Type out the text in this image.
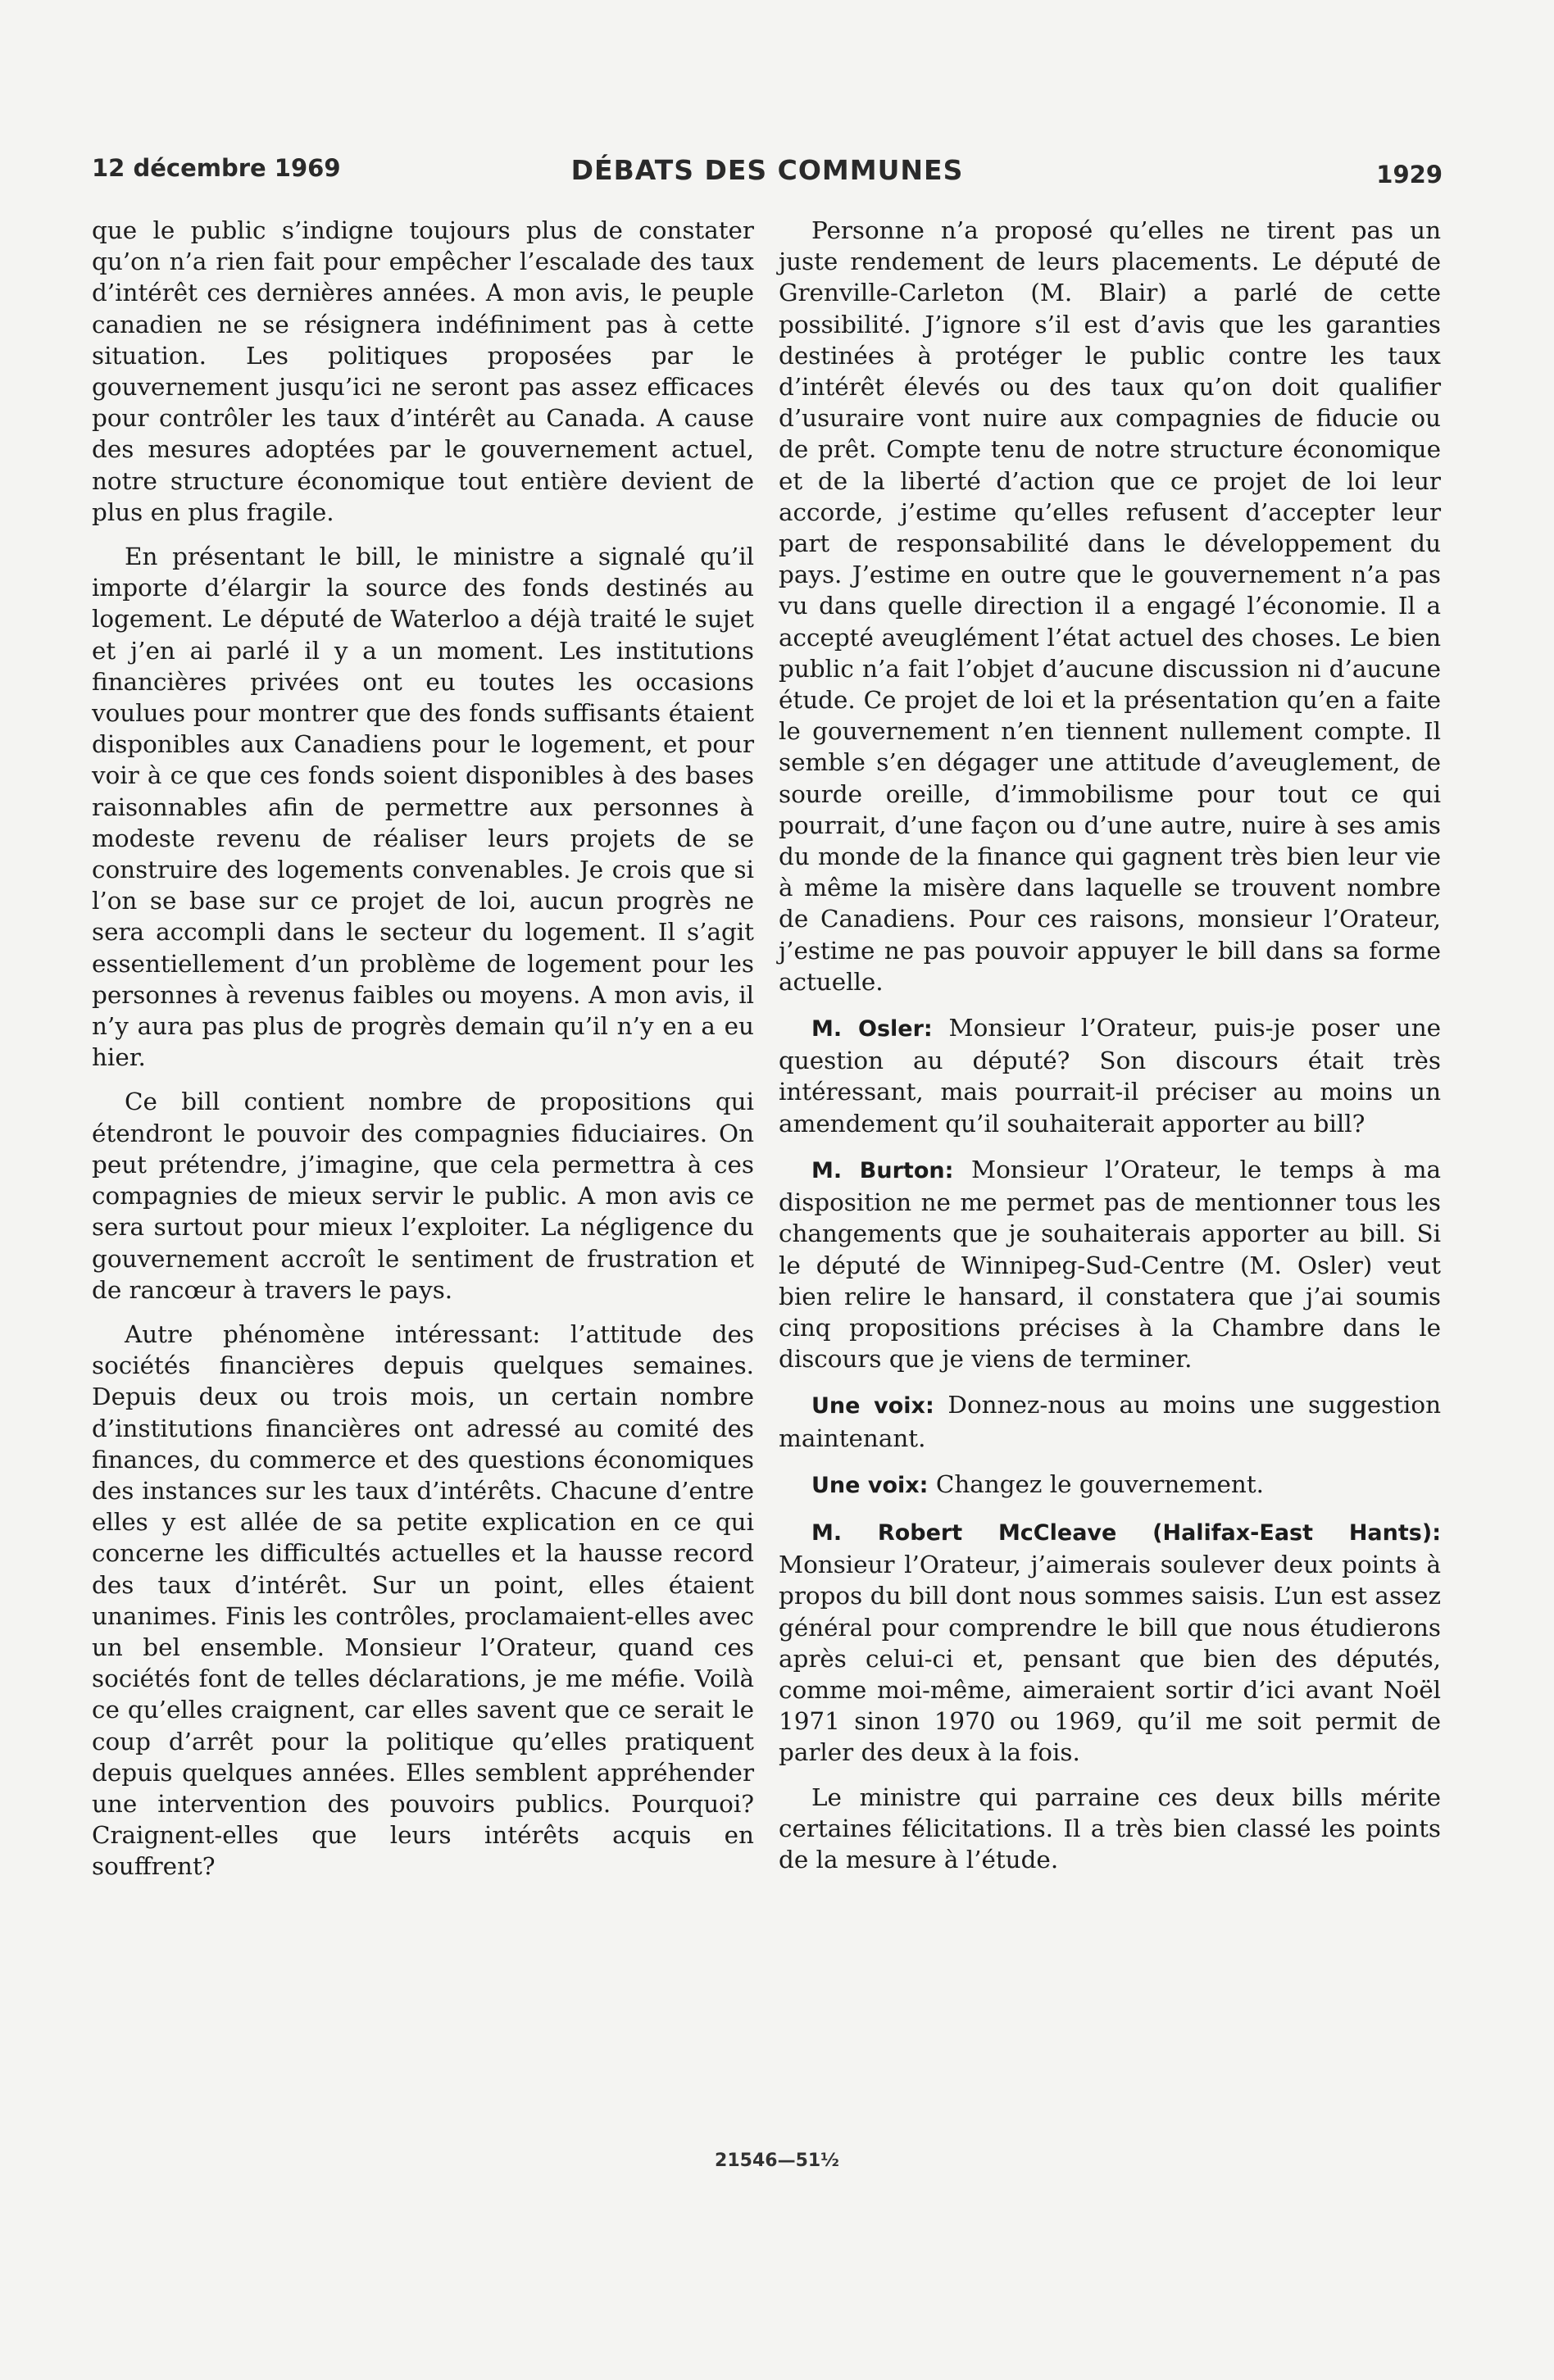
12 décembre 1969	DÉBATS DES COMMUNES	1929

que le public s’indigne toujours plus de constater qu’on n’a rien fait pour empêcher l’escalade des taux d’intérêt ces dernières années. A mon avis, le peuple canadien ne se résignera indéfiniment pas à cette situation. Les politiques proposées par le gouvernement jusqu’ici ne seront pas assez efficaces pour contrôler les taux d’intérêt au Canada. A cause des mesures adoptées par le gouvernement actuel, notre structure économique tout entière devient de plus en plus fragile.

En présentant le bill, le ministre a signalé qu’il importe d’élargir la source des fonds destinés au logement. Le député de Waterloo a déjà traité le sujet et j’en ai parlé il y a un moment. Les institutions financières privées ont eu toutes les occasions voulues pour montrer que des fonds suffisants étaient disponibles aux Canadiens pour le logement, et pour voir à ce que ces fonds soient disponibles à des bases raisonnables afin de permettre aux personnes à modeste revenu de réaliser leurs projets de se construire des logements convenables. Je crois que si l’on se base sur ce projet de loi, aucun progrès ne sera accompli dans le secteur du logement. Il s’agit essentiellement d’un problème de logement pour les personnes à revenus faibles ou moyens. A mon avis, il n’y aura pas plus de progrès demain qu’il n’y en a eu hier.

Ce bill contient nombre de propositions qui étendront le pouvoir des compagnies fiduciaires. On peut prétendre, j’imagine, que cela permettra à ces compagnies de mieux servir le public. A mon avis ce sera surtout pour mieux l’exploiter. La négligence du gouvernement accroît le sentiment de frustration et de rancœur à travers le pays.

Autre phénomène intéressant: l’attitude des sociétés financières depuis quelques semaines. Depuis deux ou trois mois, un certain nombre d’institutions financières ont adressé au comité des finances, du commerce et des questions économiques des instances sur les taux d’intérêts. Chacune d’entre elles y est allée de sa petite explication en ce qui concerne les difficultés actuelles et la hausse record des taux d’intérêt. Sur un point, elles étaient unanimes. Finis les contrôles, proclamaient-elles avec un bel ensemble. Monsieur l’Orateur, quand ces sociétés font de telles déclarations, je me méfie. Voilà ce qu’elles craignent, car elles savent que ce serait le coup d’arrêt pour la politique qu’elles pratiquent depuis quelques années. Elles semblent appréhender une intervention des pouvoirs publics. Pourquoi? Craignent-elles que leurs intérêts acquis en souffrent?

Personne n’a proposé qu’elles ne tirent pas un juste rendement de leurs placements. Le député de Grenville-Carleton (M. Blair) a parlé de cette possibilité. J’ignore s’il est d’avis que les garanties destinées à protéger le public contre les taux d’intérêt élevés ou des taux qu’on doit qualifier d’usuraire vont nuire aux compagnies de fiducie ou de prêt. Compte tenu de notre structure économique et de la liberté d’action que ce projet de loi leur accorde, j’estime qu’elles refusent d’accepter leur part de responsabilité dans le développement du pays. J’estime en outre que le gouvernement n’a pas vu dans quelle direction il a engagé l’économie. Il a accepté aveuglément l’état actuel des choses. Le bien public n’a fait l’objet d’aucune discussion ni d’aucune étude. Ce projet de loi et la présentation qu’en a faite le gouvernement n’en tiennent nullement compte. Il semble s’en dégager une attitude d’aveuglement, de sourde oreille, d’immobilisme pour tout ce qui pourrait, d’une façon ou d’une autre, nuire à ses amis du monde de la finance qui gagnent très bien leur vie à même la misère dans laquelle se trouvent nombre de Canadiens. Pour ces raisons, monsieur l’Orateur, j’estime ne pas pouvoir appuyer le bill dans sa forme actuelle.

M. Osler: Monsieur l’Orateur, puis-je poser une question au député? Son discours était très intéressant, mais pourrait-il préciser au moins un amendement qu’il souhaiterait apporter au bill?

M. Burton: Monsieur l’Orateur, le temps à ma disposition ne me permet pas de mentionner tous les changements que je souhaiterais apporter au bill. Si le député de Winnipeg-Sud-Centre (M. Osler) veut bien relire le hansard, il constatera que j’ai soumis cinq propositions précises à la Chambre dans le discours que je viens de terminer.

Une voix: Donnez-nous au moins une suggestion maintenant.

Une voix: Changez le gouvernement.

M. Robert McCleave (Halifax-East Hants): Monsieur l’Orateur, j’aimerais soulever deux points à propos du bill dont nous sommes saisis. L’un est assez général pour comprendre le bill que nous étudierons après celui-ci et, pensant que bien des députés, comme moi-même, aimeraient sortir d’ici avant Noël 1971 sinon 1970 ou 1969, qu’il me soit permit de parler des deux à la fois.

Le ministre qui parraine ces deux bills mérite certaines félicitations. Il a très bien classé les points de la mesure à l’étude.

21546—51½
